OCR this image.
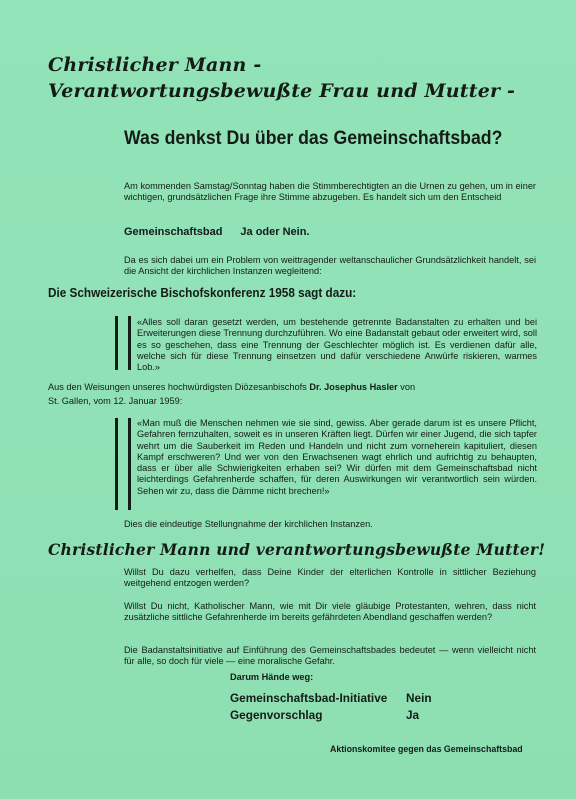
Christlicher Mann -
Verantwortungsbewußte Frau und Mutter -
Was denkst Du über das Gemeinschaftsbad?
Am kommenden Samstag/Sonntag haben die Stimmberechtigten an die Urnen zu gehen, um in einer wichtigen, grundsätzlichen Frage ihre Stimme abzugeben. Es handelt sich um den Entscheid
Gemeinschaftsbad Ja oder Nein.
Da es sich dabei um ein Problem von weittragender weltanschaulicher Grundsätzlichkeit handelt, sei die Ansicht der kirchlichen Instanzen wegleitend:
Die Schweizerische Bischofskonferenz 1958 sagt dazu:
«Alles soll daran gesetzt werden, um bestehende getrennte Badanstalten zu erhalten und bei Erweiterungen diese Trennung durchzuführen. Wo eine Badanstalt gebaut oder erweitert wird, soll es so geschehen, dass eine Trennung der Geschlechter möglich ist. Es verdienen dafür alle, welche sich für diese Trennung einsetzen und dafür verschiedene Anwürfe riskieren, warmes Lob.»
Aus den Weisungen unseres hochwürdigsten Diözesanbischofs Dr. Josephus Hasler von
St. Gallen, vom 12. Januar 1959:
«Man muß die Menschen nehmen wie sie sind, gewiss. Aber gerade darum ist es unsere Pflicht, Gefahren fernzuhalten, soweit es in unseren Kräften liegt. Dürfen wir einer Jugend, die sich tapfer wehrt um die Sauberkeit im Reden und Handeln und nicht zum vorneherein kapituliert, diesen Kampf erschweren? Und wer von den Erwachsenen wagt ehrlich und aufrichtig zu behaupten, dass er über alle Schwierigkeiten erhaben sei? Wir dürfen mit dem Gemeinschaftsbad nicht leichterdings Gefahrenherde schaffen, für deren Auswirkungen wir verantwortlich sein würden. Sehen wir zu, dass die Dämme nicht brechen!»
Dies die eindeutige Stellungnahme der kirchlichen Instanzen.
Christlicher Mann und verantwortungsbewußte Mutter!
Willst Du dazu verhelfen, dass Deine Kinder der elterlichen Kontrolle in sittlicher Beziehung weitgehend entzogen werden?
Willst Du nicht, Katholischer Mann, wie mit Dir viele gläubige Protestanten, wehren, dass nicht zusätzliche sittliche Gefahrenherde im bereits gefährdeten Abendland geschaffen werden?
Die Badanstaltsinitiative auf Einführung des Gemeinschaftsbades bedeutet — wenn vielleicht nicht für alle, so doch für viele — eine moralische Gefahr.
Darum Hände weg:
Gemeinschaftsbad-Initiative Nein
Gegenvorschlag	Ja
Aktionskomitee gegen das Gemeinschaftsbad
